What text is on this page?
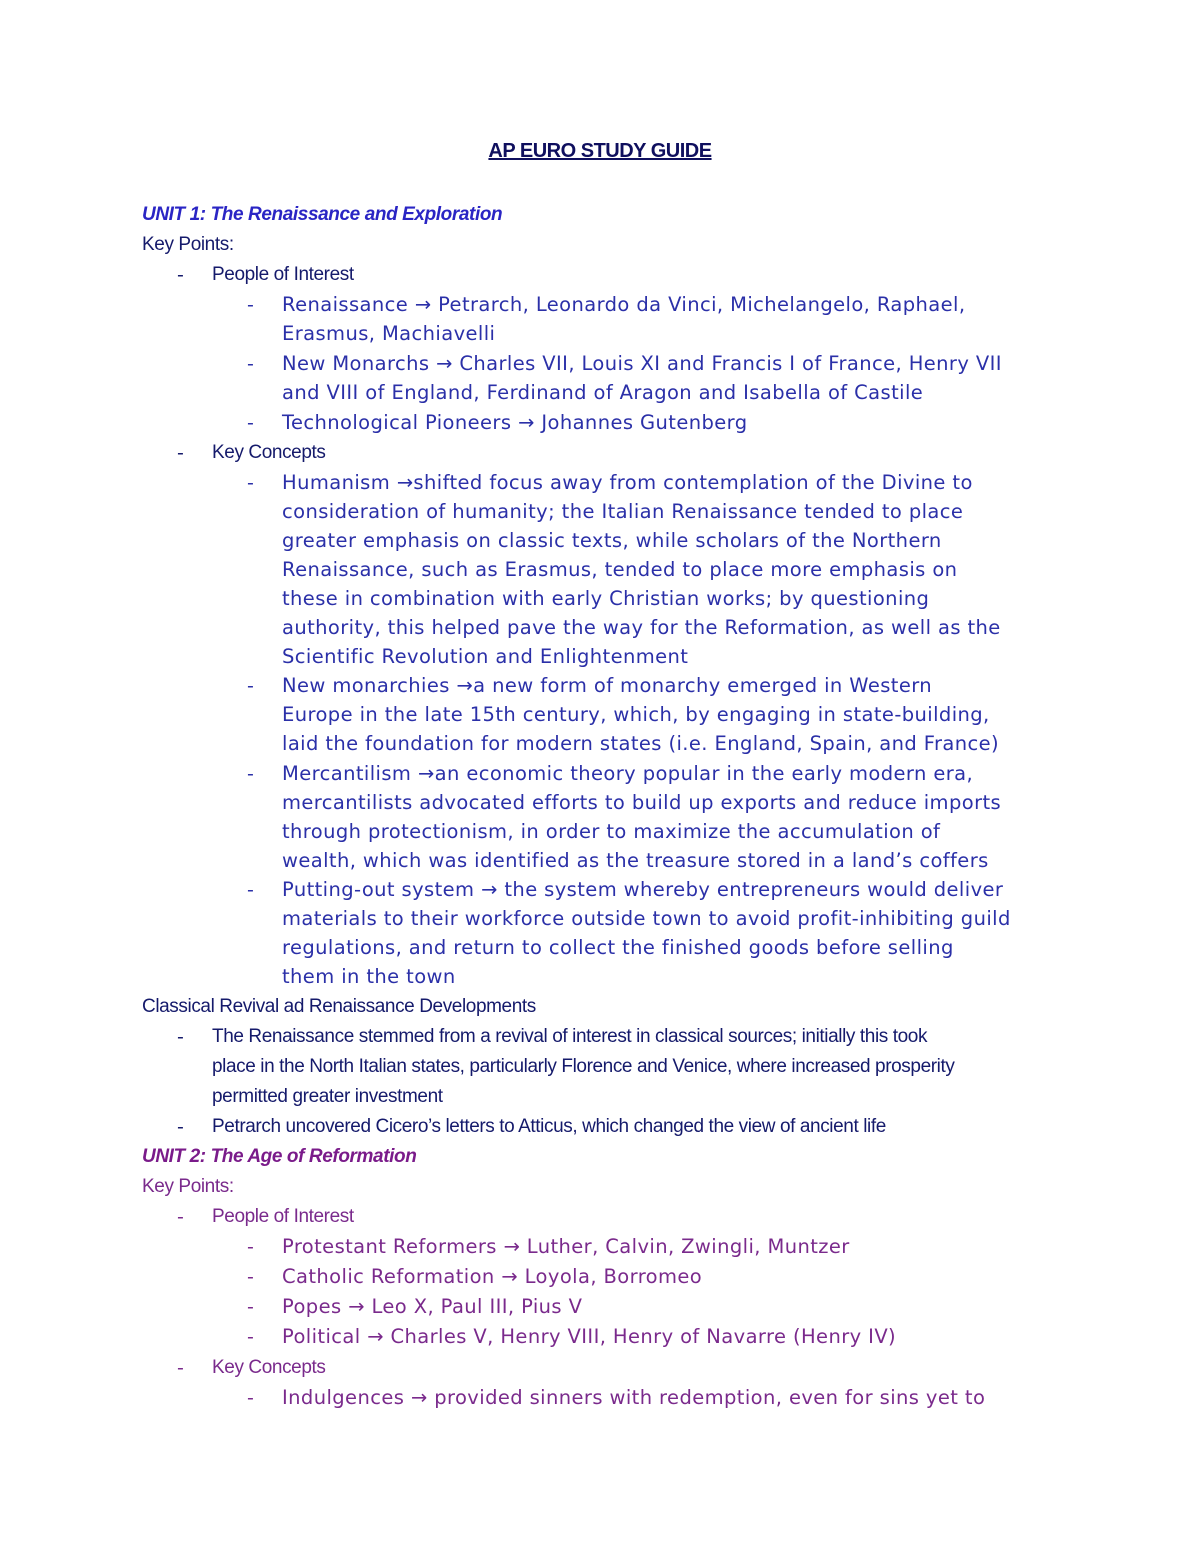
AP EURO STUDY GUIDE
UNIT 1: The Renaissance and Exploration
Key Points:
- People of Interest
- Renaissance → Petrarch, Leonardo da Vinci, Michelangelo, Raphael,
Erasmus, Machiavelli
- New Monarchs → Charles VII, Louis XI and Francis I of France, Henry VII
and VIII of England, Ferdinand of Aragon and Isabella of Castile
- Technological Pioneers → Johannes Gutenberg
- Key Concepts
- Humanism →shifted focus away from contemplation of the Divine to
consideration of humanity; the Italian Renaissance tended to place
greater emphasis on classic texts, while scholars of the Northern
Renaissance, such as Erasmus, tended to place more emphasis on
these in combination with early Christian works; by questioning
authority, this helped pave the way for the Reformation, as well as the
Scientific Revolution and Enlightenment
- New monarchies →a new form of monarchy emerged in Western
Europe in the late 15th century, which, by engaging in state-building,
laid the foundation for modern states (i.e. England, Spain, and France)
- Mercantilism →an economic theory popular in the early modern era,
mercantilists advocated efforts to build up exports and reduce imports
through protectionism, in order to maximize the accumulation of
wealth, which was identified as the treasure stored in a land’s coffers
- Putting-out system → the system whereby entrepreneurs would deliver
materials to their workforce outside town to avoid profit-inhibiting guild
regulations, and return to collect the finished goods before selling
them in the town
Classical Revival ad Renaissance Developments
- The Renaissance stemmed from a revival of interest in classical sources; initially this took
place in the North Italian states, particularly Florence and Venice, where increased prosperity
permitted greater investment
- Petrarch uncovered Cicero’s letters to Atticus, which changed the view of ancient life
UNIT 2: The Age of Reformation
Key Points:
- People of Interest
- Protestant Reformers → Luther, Calvin, Zwingli, Muntzer
- Catholic Reformation → Loyola, Borromeo
- Popes → Leo X, Paul III, Pius V
- Political → Charles V, Henry VIII, Henry of Navarre (Henry IV)
- Key Concepts
- Indulgences → provided sinners with redemption, even for sins yet to
